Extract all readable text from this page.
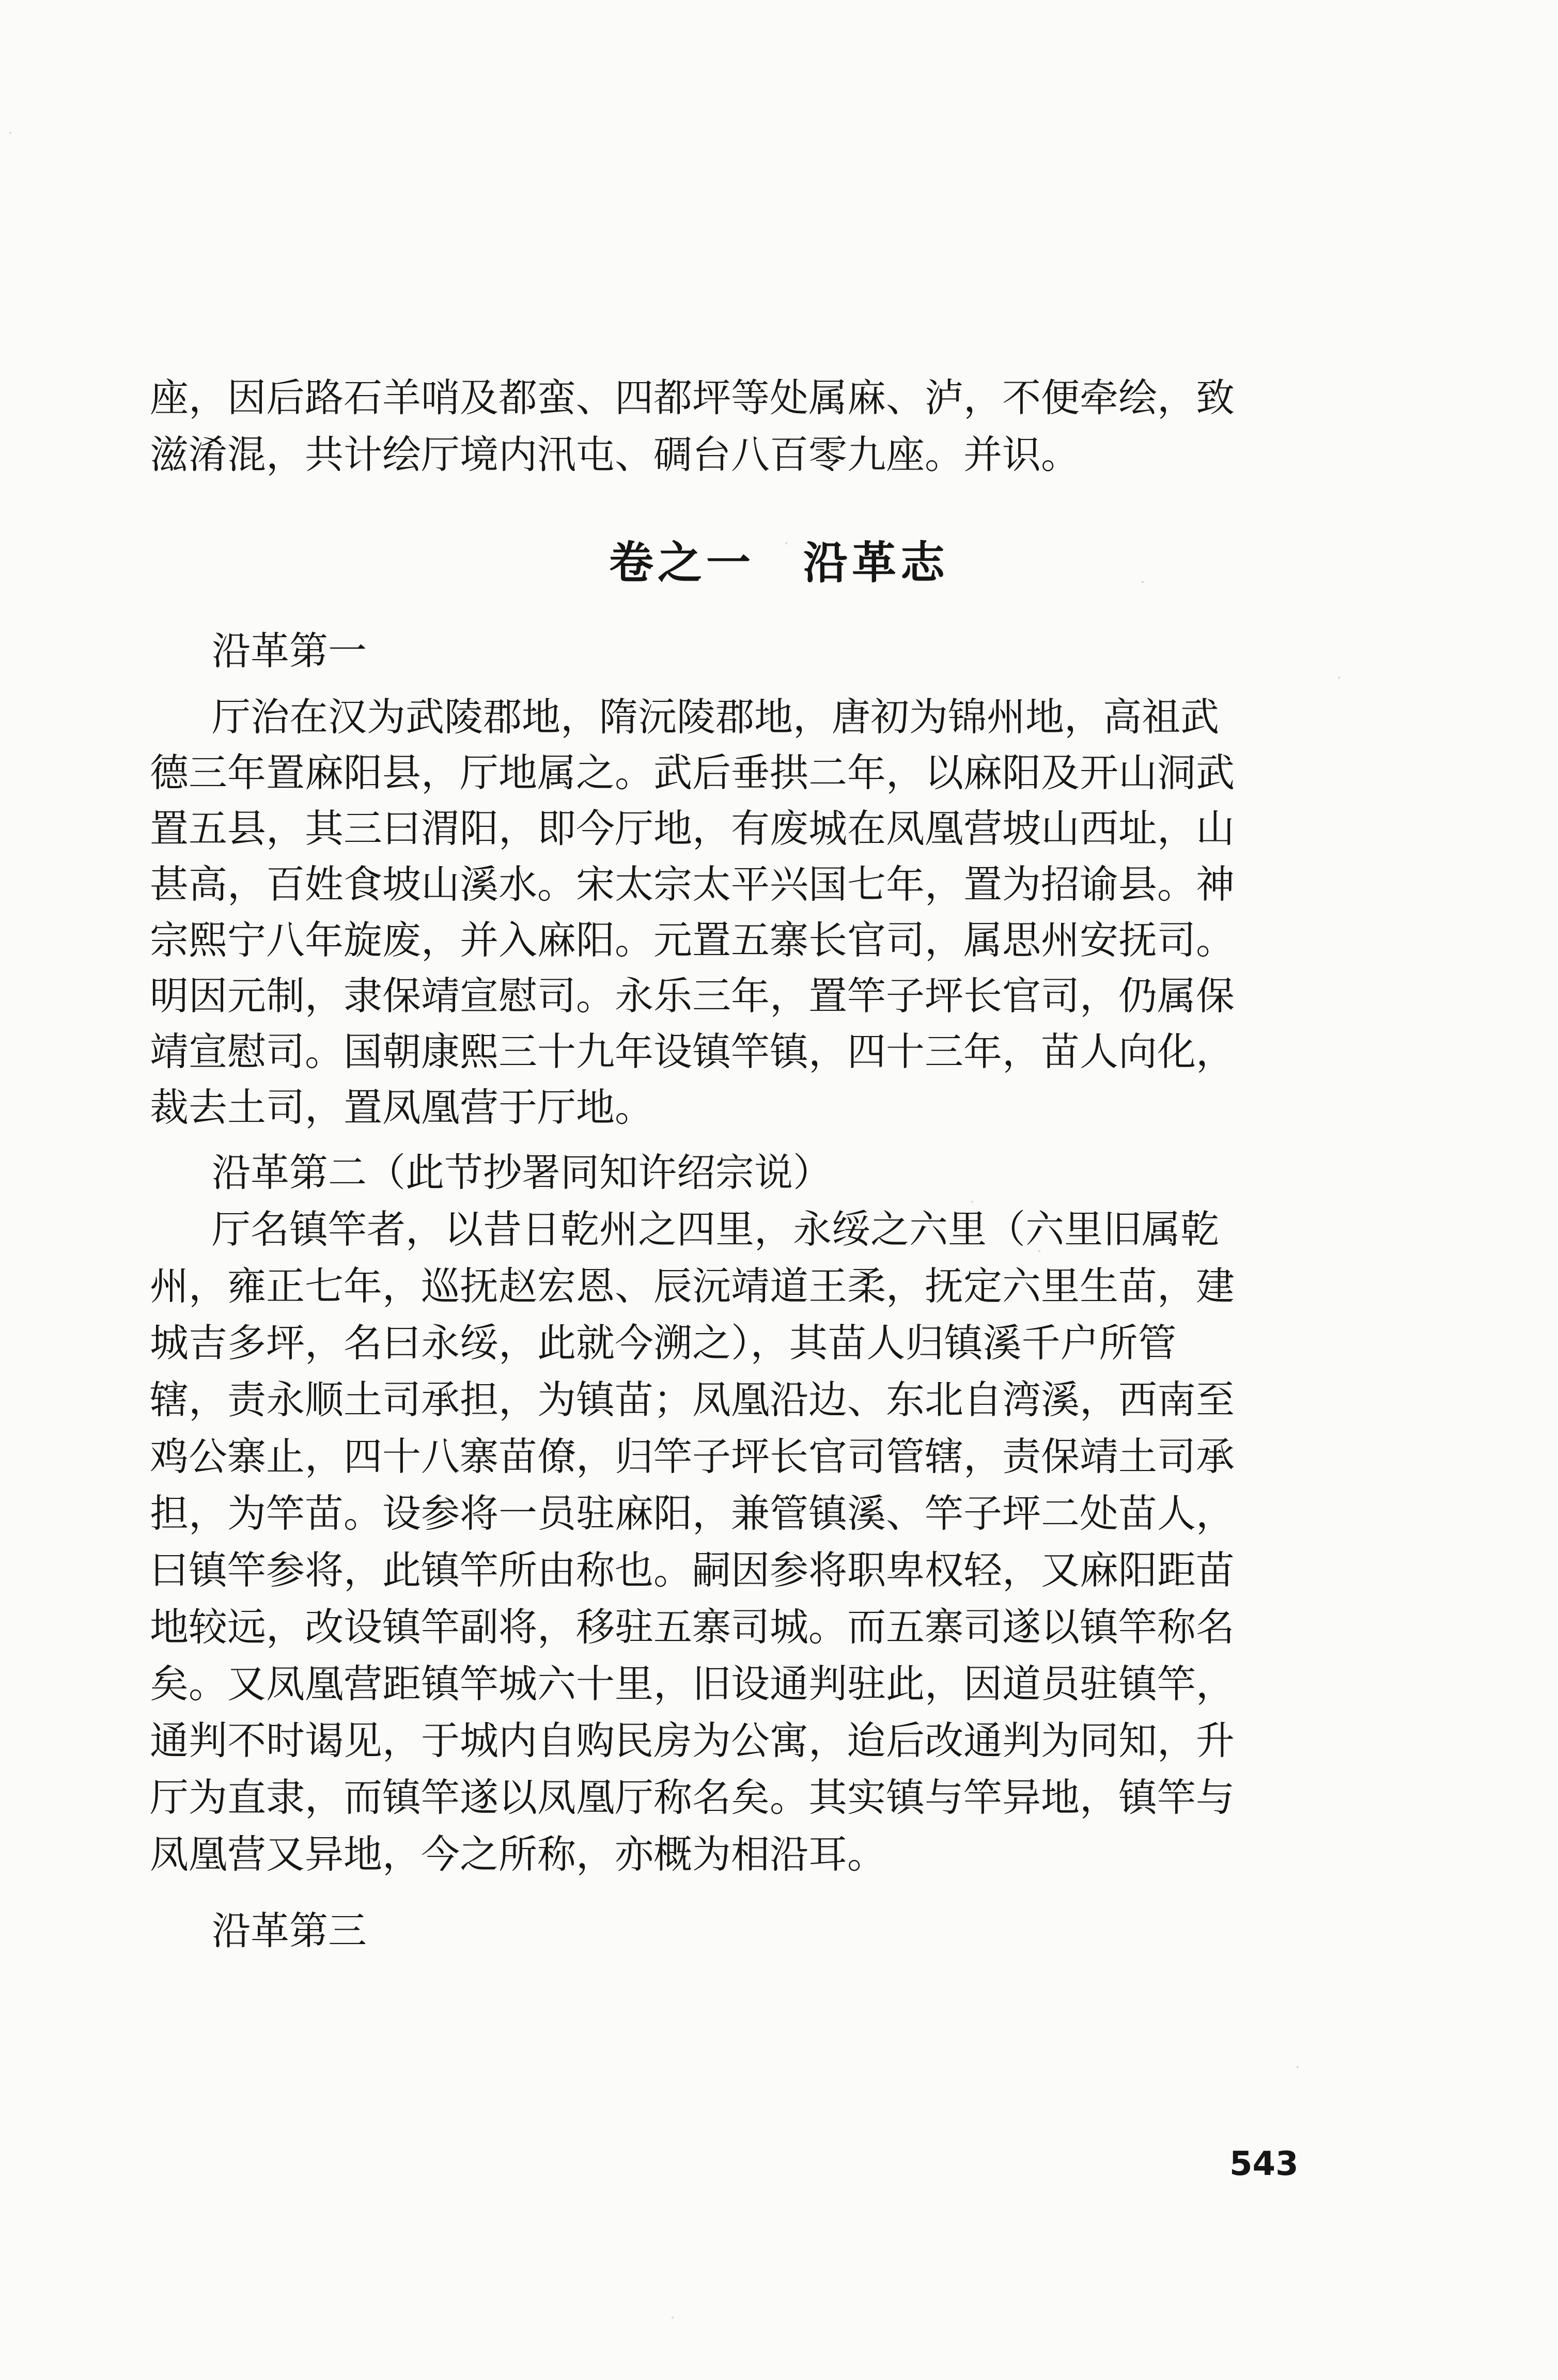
座，因后路石羊哨及都蛮、四都坪等处属麻、泸，不便牵绘，致
滋淆混，共计绘厅境内汛屯、碉台八百零九座。并识。
卷之一　沿革志
沿革第一
厅治在汉为武陵郡地，隋沅陵郡地，唐初为锦州地，高祖武
德三年置麻阳县，厅地属之。武后垂拱二年，以麻阳及开山洞武
置五县，其三曰渭阳，即今厅地，有废城在凤凰营坡山西址，山
甚高，百姓食坡山溪水。宋太宗太平兴国七年，置为招谕县。神
宗熙宁八年旋废，并入麻阳。元置五寨长官司，属思州安抚司。
明因元制，隶保靖宣慰司。永乐三年，置竿子坪长官司，仍属保
靖宣慰司。国朝康熙三十九年设镇竿镇，四十三年，苗人向化，
裁去土司，置凤凰营于厅地。
沿革第二（此节抄署同知许绍宗说）
厅名镇竿者，以昔日乾州之四里，永绥之六里（六里旧属乾
州，雍正七年，巡抚赵宏恩、辰沅靖道王柔，抚定六里生苗，建
城吉多坪，名曰永绥，此就今溯之），其苗人归镇溪千户所管
辖，责永顺土司承担，为镇苗；凤凰沿边、东北自湾溪，西南至
鸡公寨止，四十八寨苗僚，归竿子坪长官司管辖，责保靖土司承
担，为竿苗。设参将一员驻麻阳，兼管镇溪、竿子坪二处苗人，
曰镇竿参将，此镇竿所由称也。嗣因参将职卑权轻，又麻阳距苗
地较远，改设镇竿副将，移驻五寨司城。而五寨司遂以镇竿称名
矣。又凤凰营距镇竿城六十里，旧设通判驻此，因道员驻镇竿，
通判不时谒见，于城内自购民房为公寓，迨后改通判为同知，升
厅为直隶，而镇竿遂以凤凰厅称名矣。其实镇与竿异地，镇竿与
凤凰营又异地，今之所称，亦概为相沿耳。
沿革第三
543
